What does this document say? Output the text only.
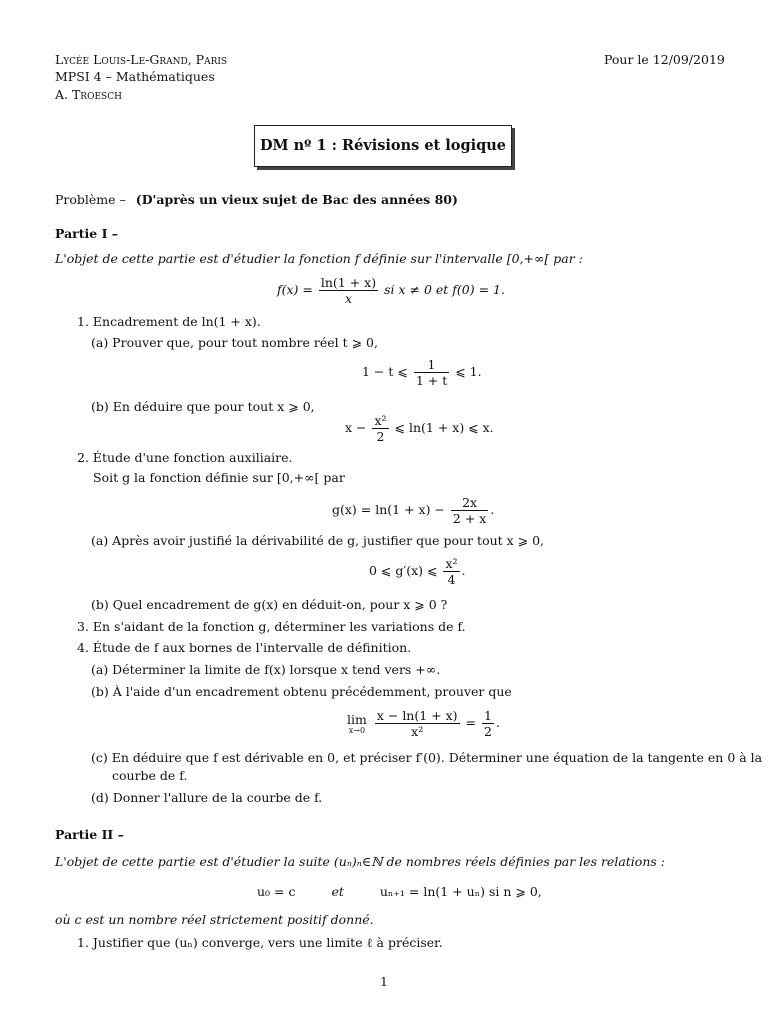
Lycée Louis-Le-Grand, Paris
MPSI 4 – Mathématiques
A. Troesch
Pour le 12/09/2019
DM nº 1 : Révisions et logique
Problème – (D'après un vieux sujet de Bac des années 80)
Partie I –
L'objet de cette partie est d'étudier la fonction f définie sur l'intervalle [0,+∞[ par :
$f(x) = \frac{\ln(1 + x)}{x}$ si x ≠ 0 et f(0) = 1.
1. Encadrement de ln(1 + x).
(a) Prouver que, pour tout nombre réel t ⩾ 0,
1 − t ⩽ $\frac{1}{1 + t}$ ⩽ 1.
(b) En déduire que pour tout x ⩾ 0,
$x - \frac{\text{x²}}{2}$ ⩽ ln(1 + x) ⩽ x.
2. Étude d'une fonction auxiliaire.
Soit g la fonction définie sur [0,+∞[ par
$g(x) = \ln(1 + x) - \frac{2x}{2 + x}$ .
(a) Après avoir justifié la dérivabilité de g, justifier que pour tout x ⩾ 0,
0 ⩽ g′(x) ⩽ $\frac{\text{x²}}{4}$ .
(b) Quel encadrement de g(x) en déduit-on, pour x ⩾ 0 ?
3. En s'aidant de la fonction g, déterminer les variations de f.
4. Étude de f aux bornes de l'intervalle de définition.
(a) Déterminer la limite de f(x) lorsque x tend vers +∞.
(b) À l'aide d'un encadrement obtenu précédemment, prouver que
lim
x→0
$\frac{x - \ln(1 + x)}{\text{x²}} = \frac{1}{2}$ .
(c) En déduire que f est dérivable en 0, et préciser f′(0). Déterminer une équation de la tangente en 0 à la
courbe de f.
(d) Donner l'allure de la courbe de f.
Partie II –
L'objet de cette partie est d'étudier la suite (uₙ)ₙ∈ℕ de nombres réels définies par les relations :
u₀ = c	et	uₙ₊₁ = ln(1 + uₙ) si n ⩾ 0,
où c est un nombre réel strictement positif donné.
1. Justifier que (uₙ) converge, vers une limite ℓ à préciser.
1
